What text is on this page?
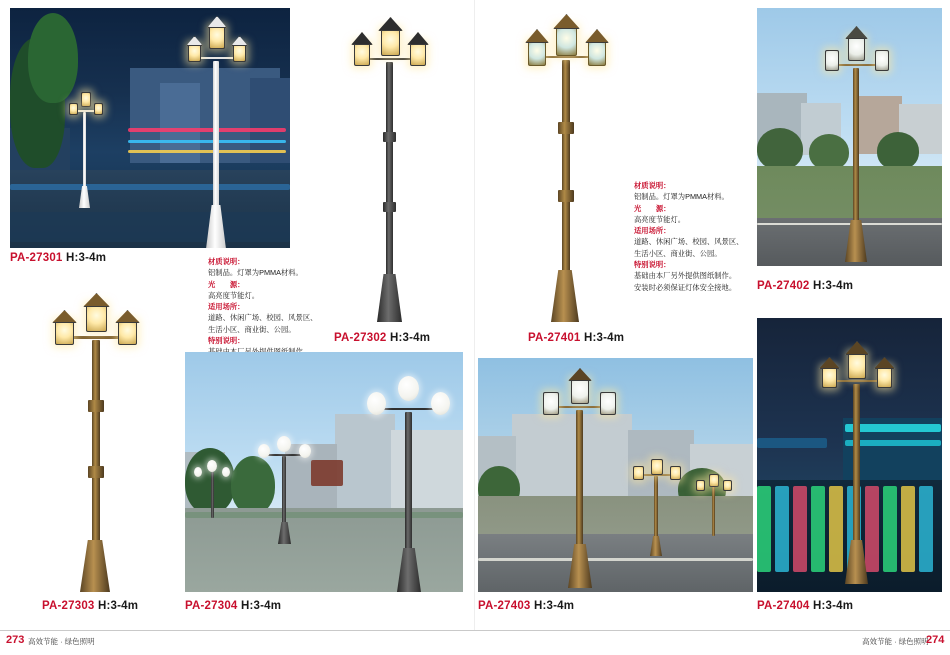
PA-27301 H:3-4m	材质说明：
铝制品。灯罩为PMMA材料。
光　　源：
高亮度节能灯。
适用场所：
道路、休闲广场、校园、风景区、
生活小区、商业街、公园。
特别说明：	PA-27302 H:3-4m	PA-27401 H:3-4m
材质说明：
铝制品。灯罩为PMMA材料。
光　　源：
高亮度节能灯。
适用场所：
道路、休闲广场、校园、风景区、
生活小区、商业街、公园。
特别说明：
基础由本厂另外提供图纸制作。
安装时必须保证灯体安全接地。	PA-27402 H:3-4m
PA-27303 H:3-4m	PA-27304 H:3-4m	PA-27403 H:3-4m	PA-27404 H:3-4m
273 高效节能 · 绿色照明	高效节能 · 绿色照明
274
